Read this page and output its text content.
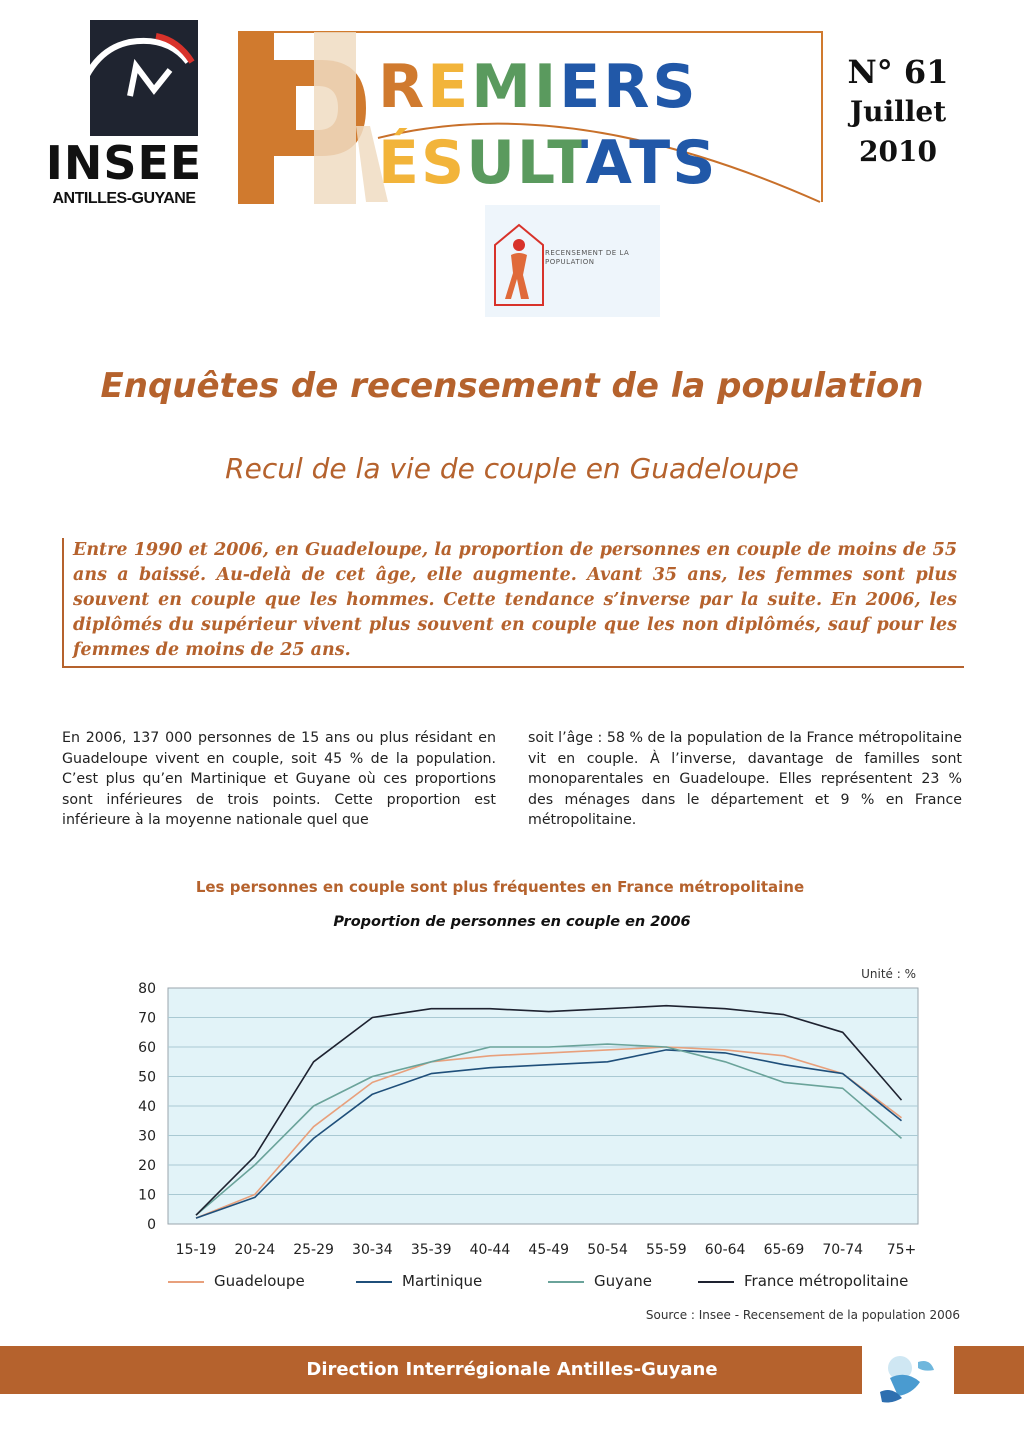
INSEE
ANTILLES-GUYANE
REMIERS
ÉSULTATS
N° 61
Juillet
2010
RECENSEMENT DE LA POPULATION
Enquêtes de recensement de la population
Recul de la vie de couple en Guadeloupe

Entre 1990 et 2006, en Guadeloupe, la proportion de personnes en couple de moins de 55 ans a baissé. Au-delà de cet âge, elle augmente. Avant 35 ans, les femmes sont plus souvent en couple que les hommes. Cette tendance s’inverse par la suite. En 2006, les diplômés du supérieur vivent plus souvent en couple que les non diplômés, sauf pour les femmes de moins de 25 ans.

En 2006, 137 000 personnes de 15 ans ou plus résidant en Guadeloupe vivent en couple, soit 45 % de la population. C’est plus qu’en Martinique et Guyane où ces proportions sont inférieures de trois points. Cette proportion est inférieure à la moyenne nationale quel que

soit l’âge : 58 % de la population de la France métropolitaine vit en couple. À l’inverse, davantage de familles sont monoparentales en Guadeloupe. Elles représentent 23 % des ménages dans le département et 9 % en France métropolitaine.

Les personnes en couple sont plus fréquentes en France métropolitaine
Proportion de personnes en couple en 2006
0
10
20
30
40
50
60
70
80
15-19 20-24 25-29 30-34 35-39 40-44 45-49 50-54 55-59 60-64 65-69 70-74 75+
Unité : %
Guadeloupe	Martinique	Guyane	France métropolitaine
Source : Insee - Recensement de la population 2006
Direction Interrégionale Antilles-Guyane
